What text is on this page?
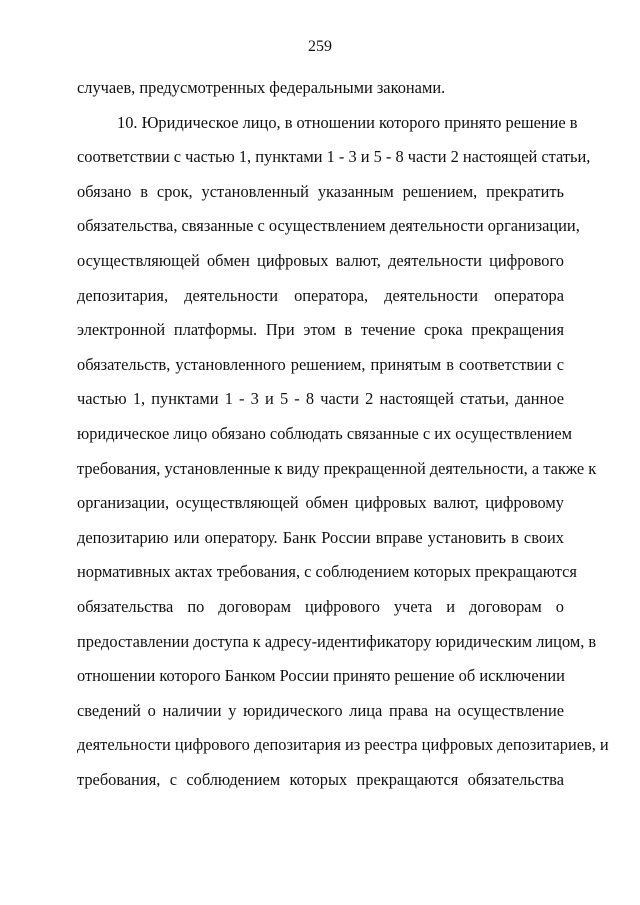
259
случаев, предусмотренных федеральными законами.
10. Юридическое лицо, в отношении которого принято решение в
соответствии с частью 1, пунктами 1 - 3 и 5 - 8 части 2 настоящей статьи,
обязано в срок, установленный указанным решением, прекратить
обязательства, связанные с осуществлением деятельности организации,
осуществляющей обмен цифровых валют, деятельности цифрового
депозитария, деятельности оператора, деятельности оператора
электронной платформы. При этом в течение срока прекращения
обязательств, установленного решением, принятым в соответствии с
частью 1, пунктами 1 - 3 и 5 - 8 части 2 настоящей статьи, данное
юридическое лицо обязано соблюдать связанные с их осуществлением
требования, установленные к виду прекращенной деятельности, а также к
организации, осуществляющей обмен цифровых валют, цифровому
депозитарию или оператору. Банк России вправе установить в своих
нормативных актах требования, с соблюдением которых прекращаются
обязательства по договорам цифрового учета и договорам о
предоставлении доступа к адресу-идентификатору юридическим лицом, в
отношении которого Банком России принято решение об исключении
сведений о наличии у юридического лица права на осуществление
деятельности цифрового депозитария из реестра цифровых депозитариев, и
требования, с соблюдением которых прекращаются обязательства
